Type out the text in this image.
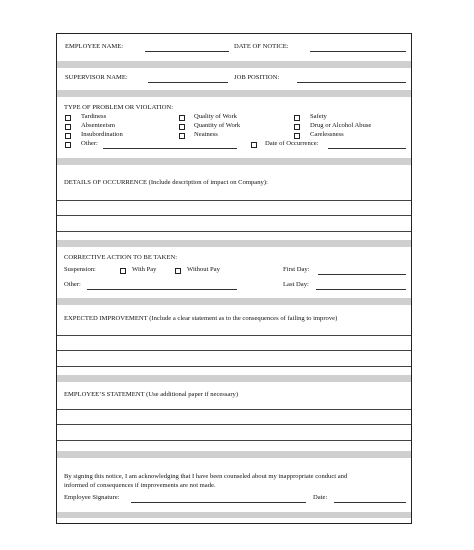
EMPLOYEE NAME:	DATE OF NOTICE:
SUPERVISOR NAME:	JOB POSITION:
TYPE OF PROBLEM OR VIOLATION:
Tardiness
Absenteeism
Insubordination
Other:
Quality of Work
Quantity of Work
Neatness
Safety
Drug or Alcohol Abuse
Carelessness
Date of Occurrence:
DETAILS OF OCCURRENCE (Include description of impact on Company):
CORRECTIVE ACTION TO BE TAKEN:
Suspension:	With Pay	Without Pay	First Day:
Other:	Last Day:
EXPECTED IMPROVEMENT (Include a clear statement as to the consequences of failing to improve)
EMPLOYEE’S STATEMENT (Use additional paper if necessary)
By signing this notice, I am acknowledging that I have been counseled about my inappropriate conduct and
informed of consequences if improvements are not made.
Employee Signature:	Date:
